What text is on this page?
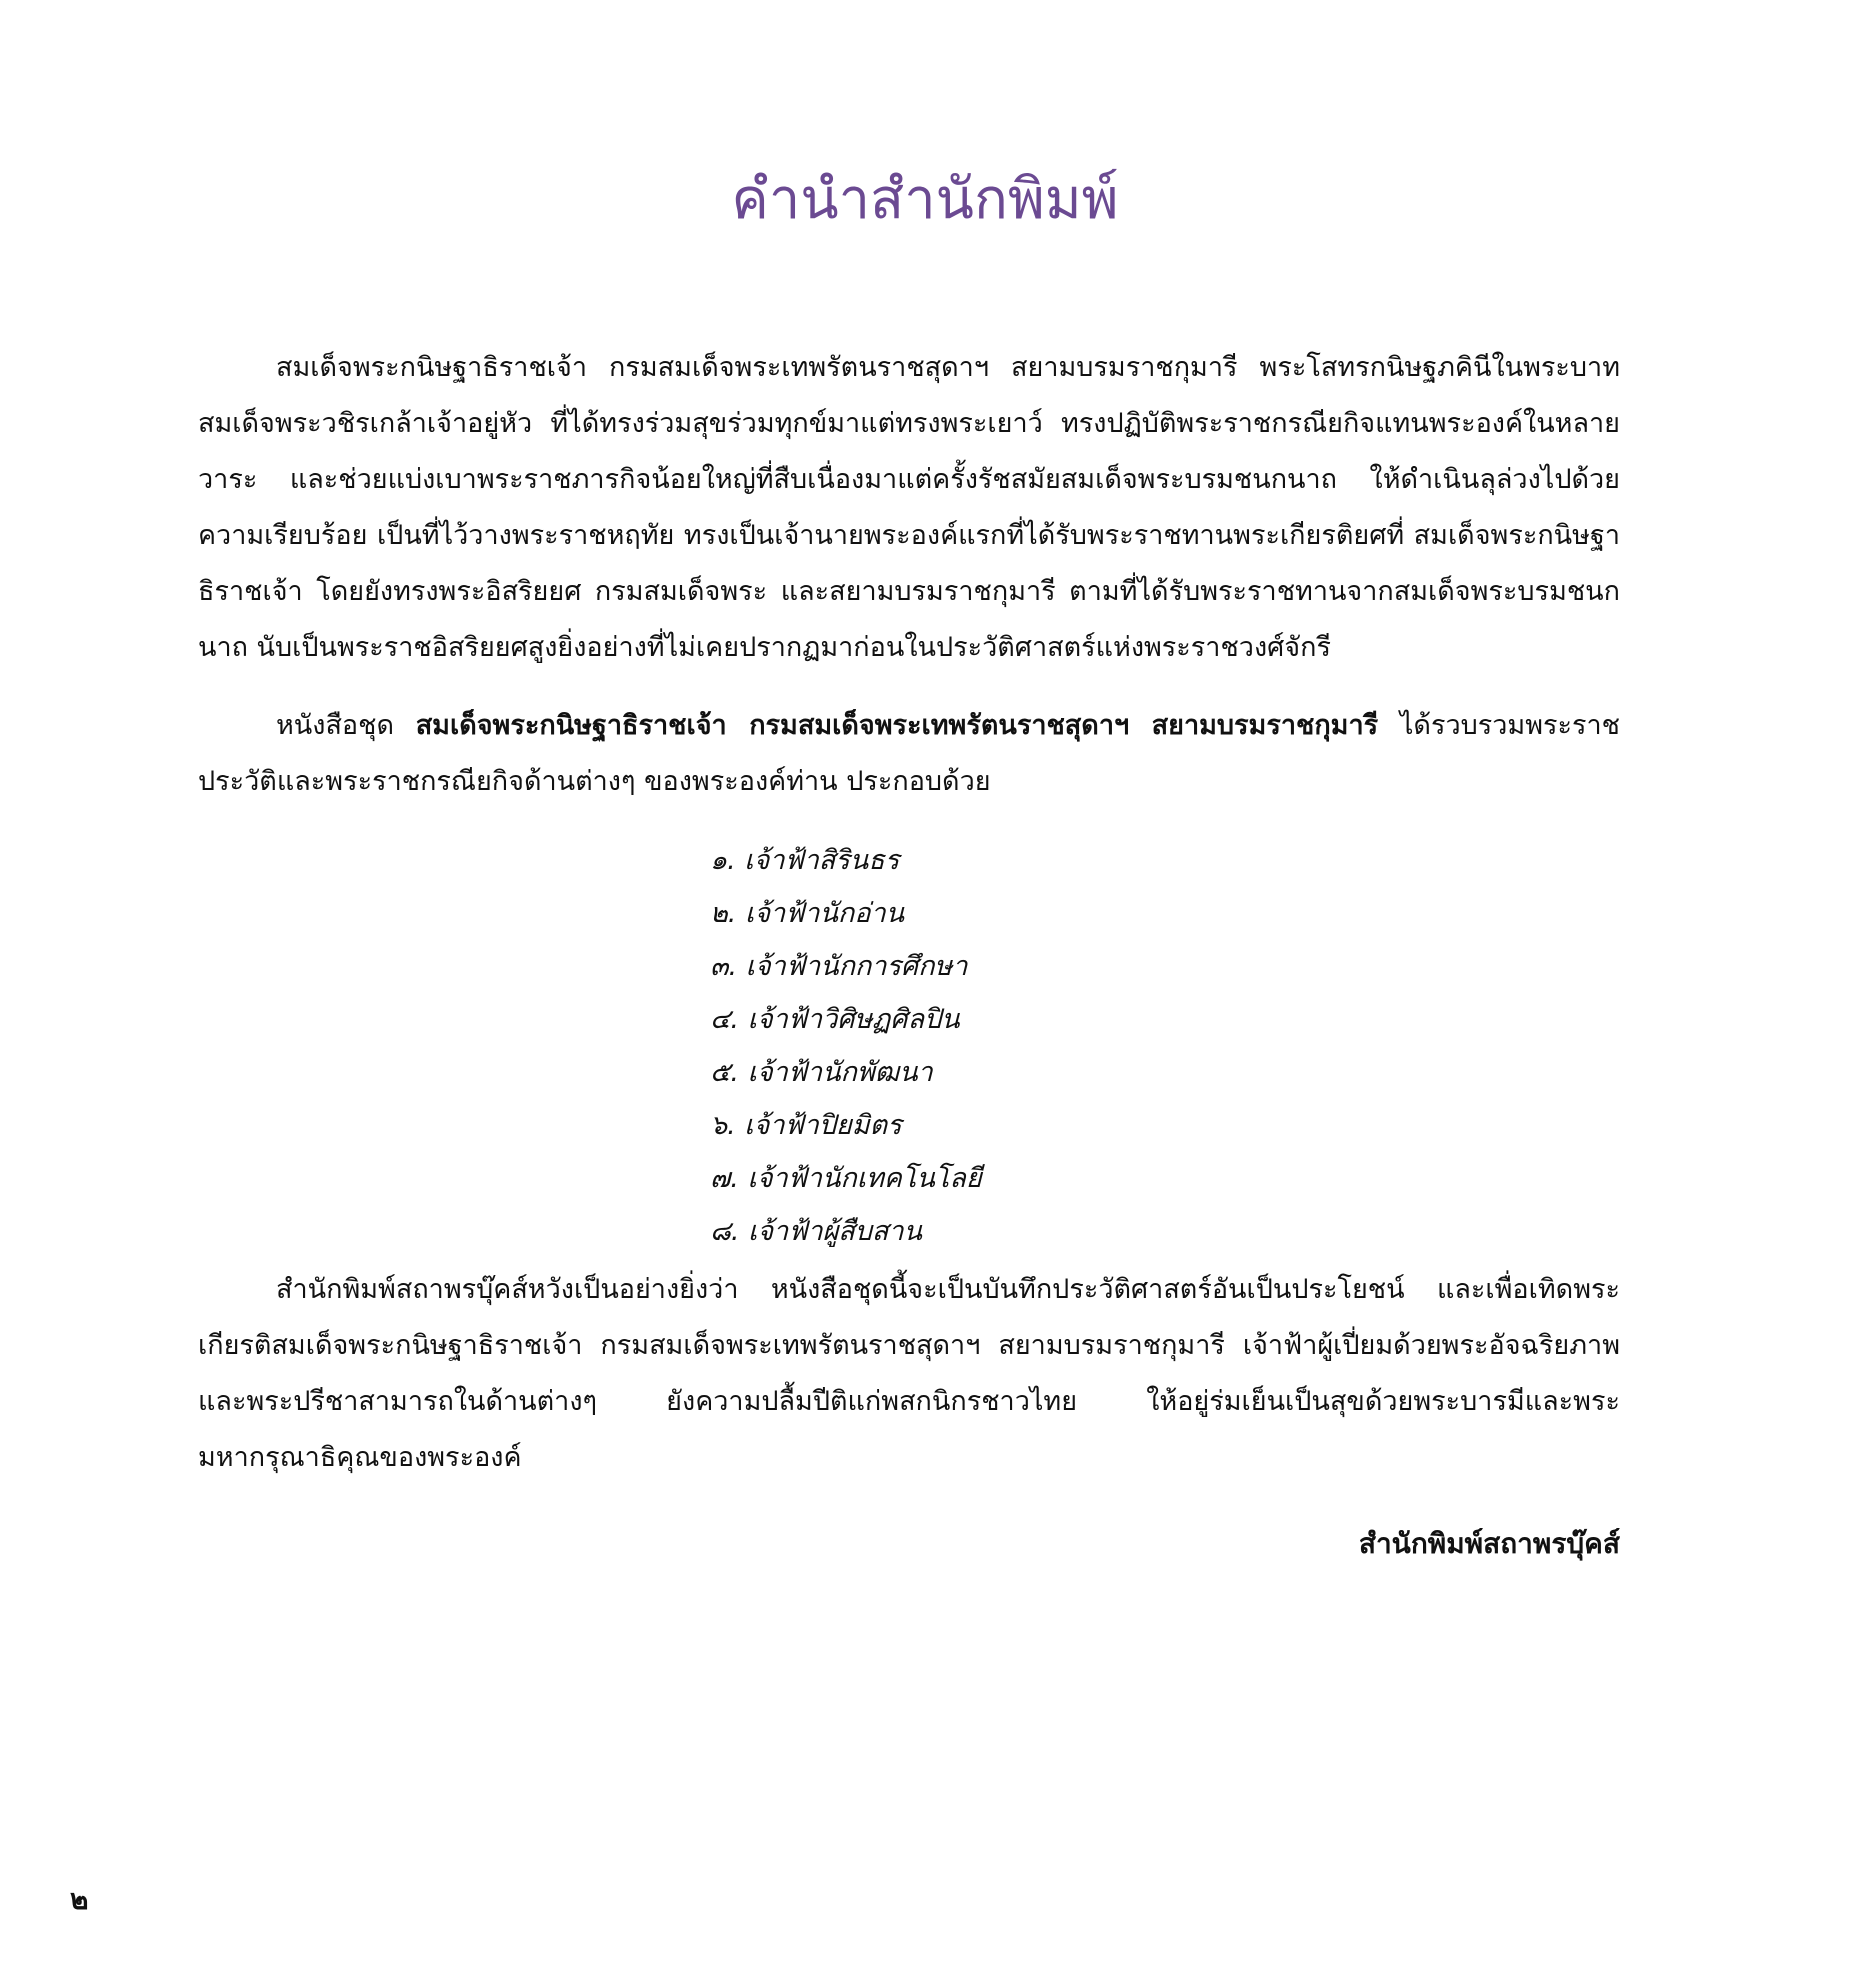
คำนำสำนักพิมพ์

สมเด็จพระกนิษฐาธิราชเจ้า กรมสมเด็จพระเทพรัตนราชสุดาฯ สยามบรมราชกุมารี พระโสทรกนิษฐภคินีในพระบาทสมเด็จพระวชิรเกล้าเจ้าอยู่หัว ที่ได้ทรงร่วมสุขร่วมทุกข์มาแต่ทรงพระเยาว์ ทรงปฏิบัติพระราชกรณียกิจแทนพระองค์ในหลายวาระ และช่วยแบ่งเบาพระราชภารกิจน้อยใหญ่ที่สืบเนื่องมาแต่ครั้งรัชสมัยสมเด็จพระบรมชนกนาถ ให้ดำเนินลุล่วงไปด้วยความเรียบร้อย เป็นที่ไว้วางพระราชหฤทัย ทรงเป็นเจ้านายพระองค์แรกที่ได้รับพระราชทานพระเกียรติยศที่ สมเด็จพระกนิษฐาธิราชเจ้า โดยยังทรงพระอิสริยยศ กรมสมเด็จพระ และสยามบรมราชกุมารี ตามที่ได้รับพระราชทานจากสมเด็จพระบรมชนกนาถ นับเป็นพระราชอิสริยยศสูงยิ่งอย่างที่ไม่เคยปรากฏมาก่อนในประวัติศาสตร์แห่งพระราชวงศ์จักรี

หนังสือชุด สมเด็จพระกนิษฐาธิราชเจ้า กรมสมเด็จพระเทพรัตนราชสุดาฯ สยามบรมราชกุมารี ได้รวบรวมพระราชประวัติและพระราชกรณียกิจด้านต่างๆ ของพระองค์ท่าน ประกอบด้วย

๑. เจ้าฟ้าสิรินธร
๒. เจ้าฟ้านักอ่าน
๓. เจ้าฟ้านักการศึกษา
๔. เจ้าฟ้าวิศิษฏศิลปิน
๕. เจ้าฟ้านักพัฒนา
๖. เจ้าฟ้าปิยมิตร
๗. เจ้าฟ้านักเทคโนโลยี
๘. เจ้าฟ้าผู้สืบสาน

สำนักพิมพ์สถาพรบุ๊คส์หวังเป็นอย่างยิ่งว่า หนังสือชุดนี้จะเป็นบันทึกประวัติศาสตร์อันเป็นประโยชน์ และเพื่อเทิดพระเกียรติสมเด็จพระกนิษฐาธิราชเจ้า กรมสมเด็จพระเทพรัตนราชสุดาฯ สยามบรมราชกุมารี เจ้าฟ้าผู้เปี่ยมด้วยพระอัจฉริยภาพและพระปรีชาสามารถในด้านต่างๆ ยังความปลื้มปีติแก่พสกนิกรชาวไทย ให้อยู่ร่มเย็นเป็นสุขด้วยพระบารมีและพระมหากรุณาธิคุณของพระองค์

สำนักพิมพ์สถาพรบุ๊คส์
๒
